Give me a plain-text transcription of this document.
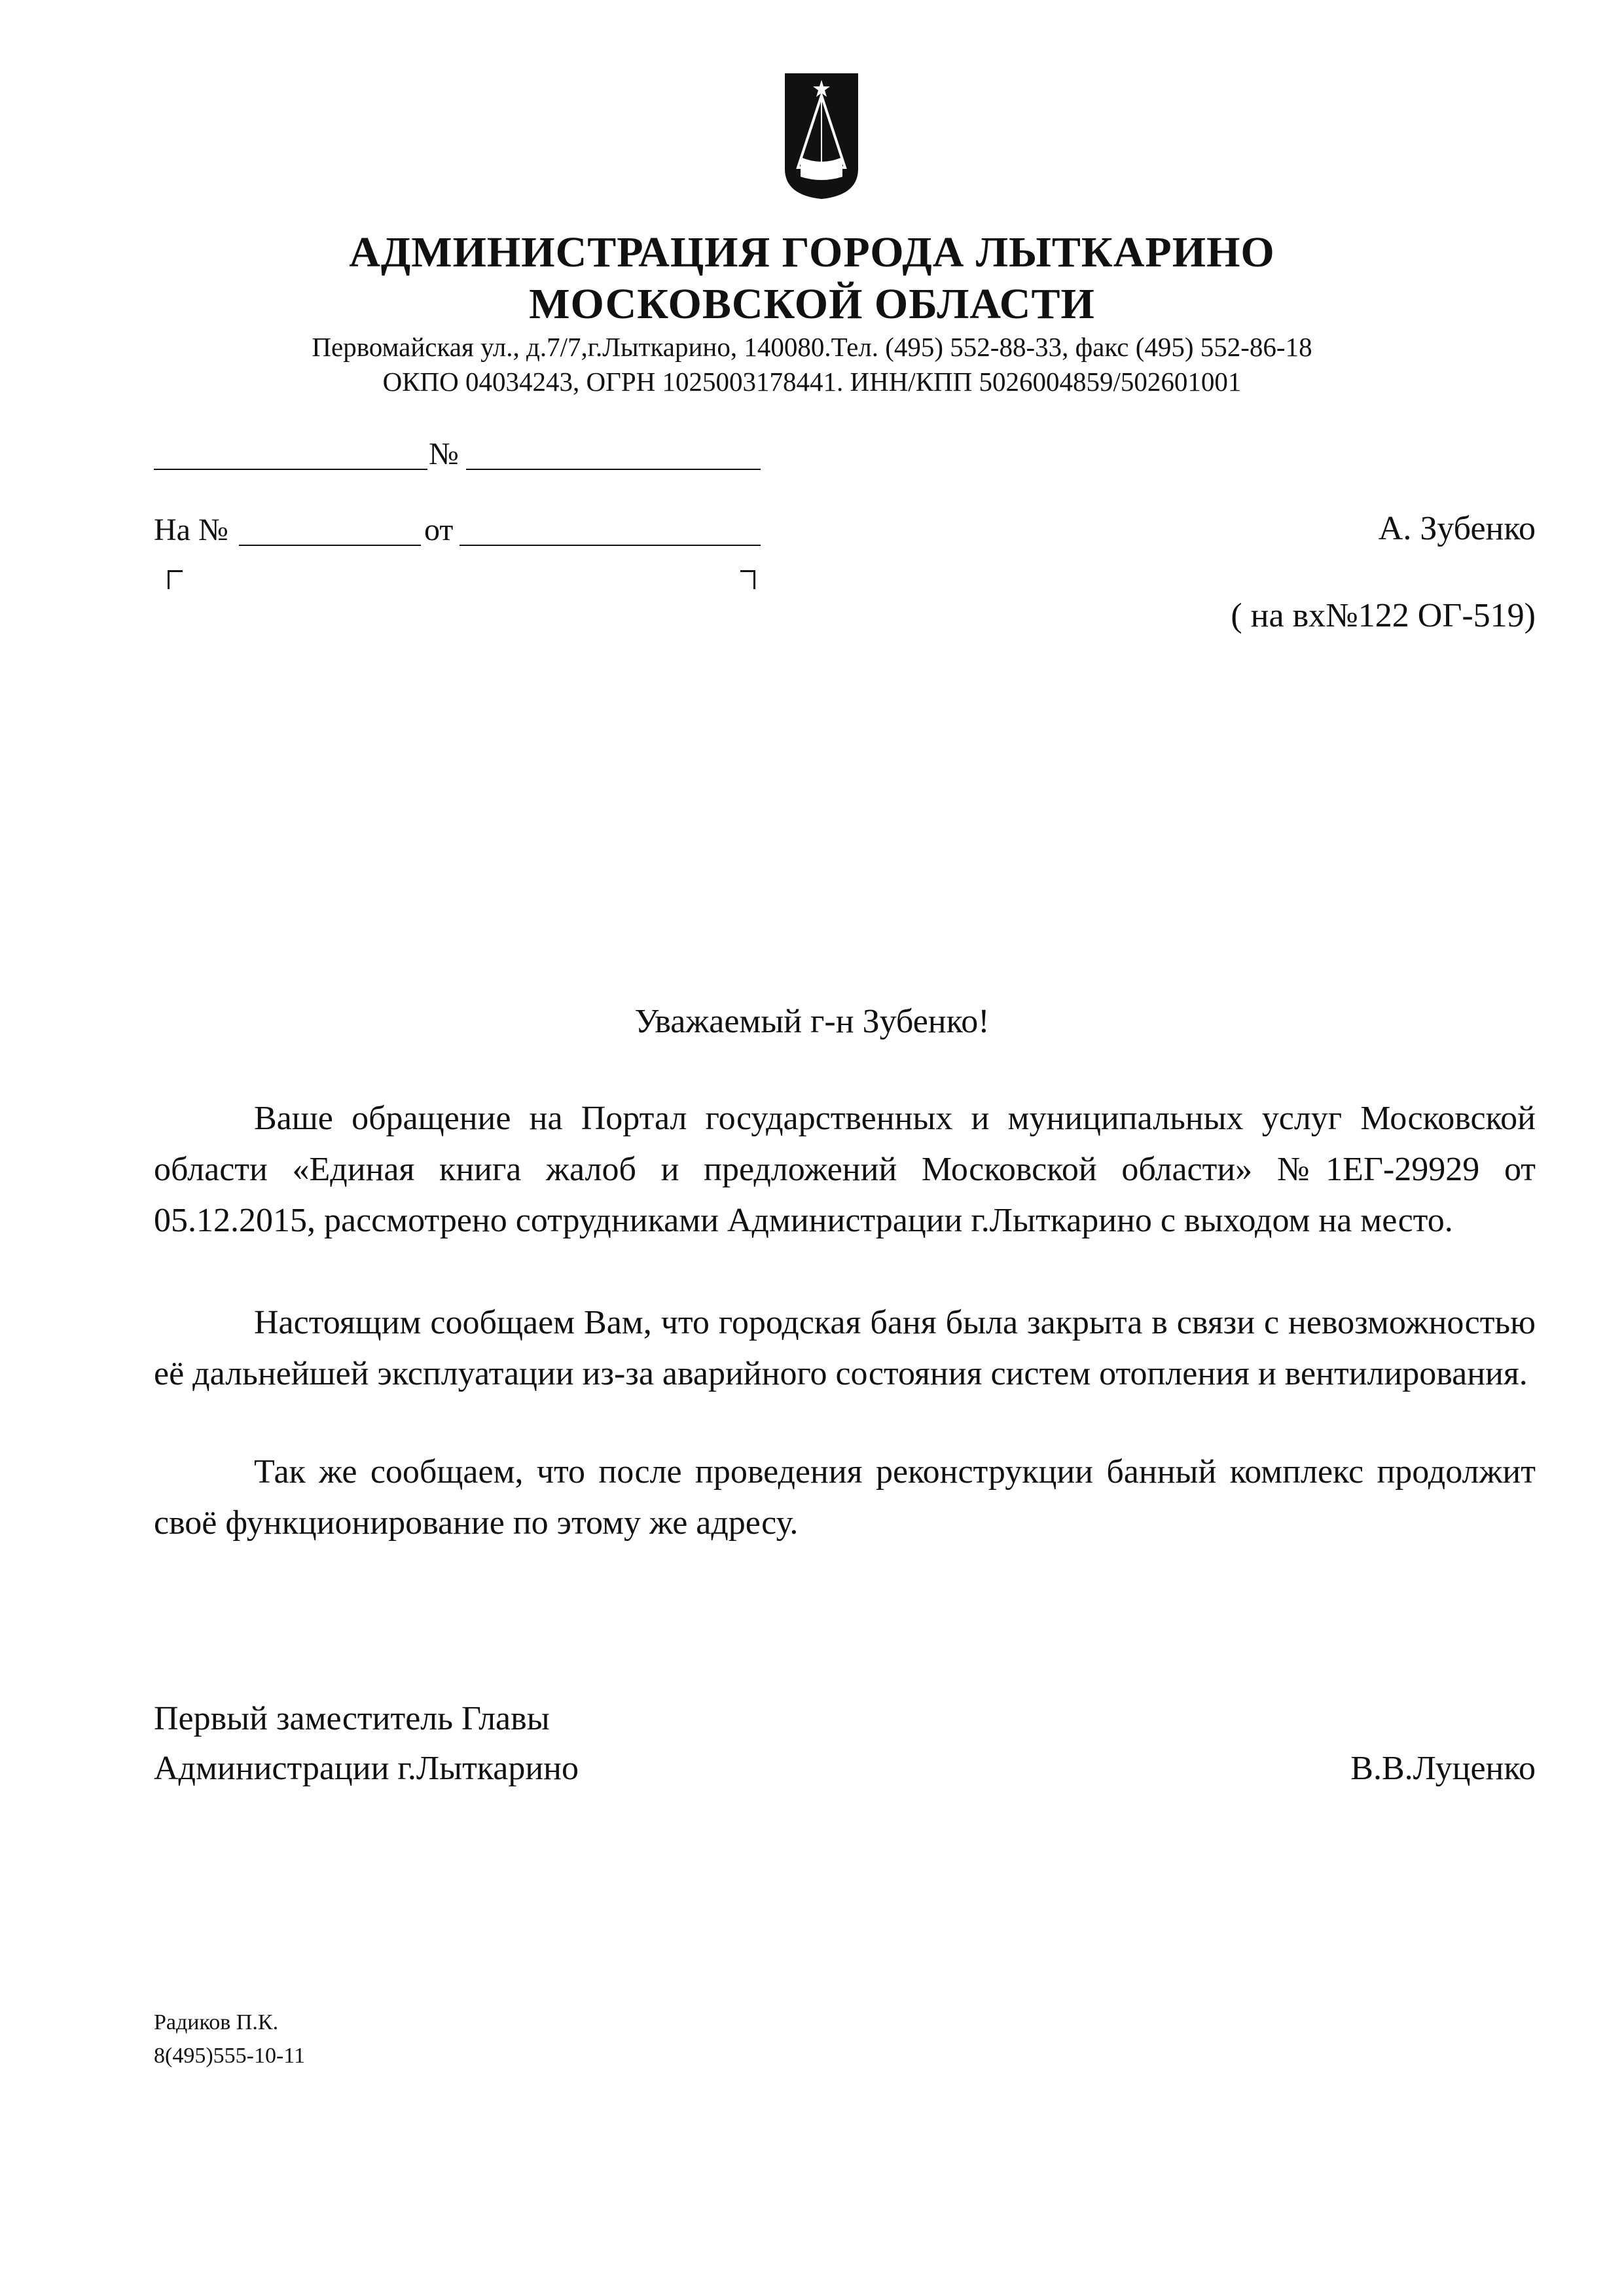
АДМИНИСТРАЦИЯ ГОРОДА ЛЫТКАРИНО
МОСКОВСКОЙ ОБЛАСТИ
Первомайская ул., д.7/7,г.Лыткарино, 140080.Тел. (495) 552-88-33, факс (495) 552-86-18
ОКПО 04034243, ОГРН 1025003178441. ИНН/КПП 5026004859/502601001
№
На №	от	А. Зубенко
( на вх№122 ОГ-519)
Уважаемый г-н Зубенко!

Ваше обращение на Портал государственных и муниципальных услуг Московской области «Единая книга жалоб и предложений Московской области» №1ЕГ-29929 от 05.12.2015, рассмотрено сотрудниками Администрации г.Лыткарино с выходом на место.

Настоящим сообщаем Вам, что городская баня была закрыта в связи с невозможностью её дальнейшей эксплуатации из-за аварийного состояния систем отопления и вентилирования.

Так же сообщаем, что после проведения реконструкции банный комплекс продолжит своё функционирование по этому же адресу.

Первый заместитель Главы
Администрации г.Лыткарино	В.В.Луценко
Радиков П.К.
8(495)555-10-11
